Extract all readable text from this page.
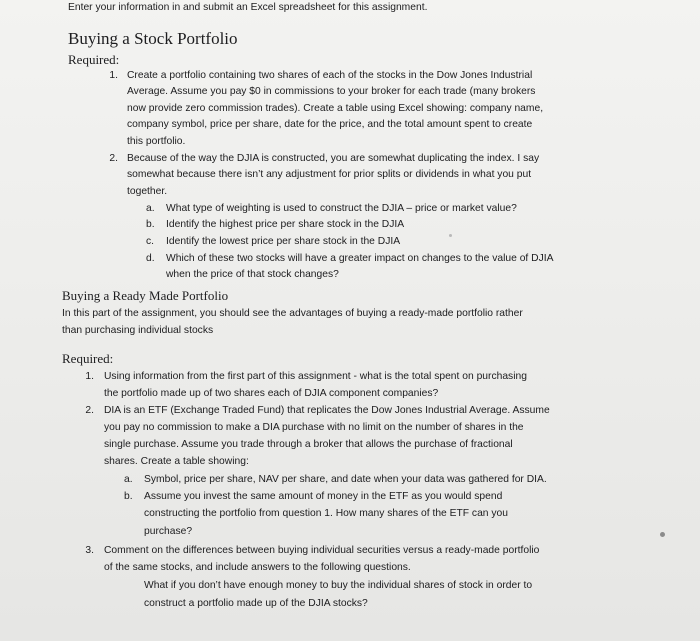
Enter your information in and submit an Excel spreadsheet for this assignment.

Buying a Stock Portfolio

Required:

1. Create a portfolio containing two shares of each of the stocks in the Dow Jones Industrial
Average. Assume you pay $0 in commissions to your broker for each trade (many brokers
now provide zero commission trades). Create a table using Excel showing: company name,
company symbol, price per share, date for the price, and the total amount spent to create
this portfolio.
2. Because of the way the DJIA is constructed, you are somewhat duplicating the index. I say
somewhat because there isn’t any adjustment for prior splits or dividends in what you put
together.
a. What type of weighting is used to construct the DJIA – price or market value?
b. Identify the highest price per share stock in the DJIA
c. Identify the lowest price per share stock in the DJIA
d. Which of these two stocks will have a greater impact on changes to the value of DJIA
when the price of that stock changes?

Buying a Ready Made Portfolio

In this part of the assignment, you should see the advantages of buying a ready-made portfolio rather
than purchasing individual stocks

Required:

1. Using information from the first part of this assignment - what is the total spent on purchasing
the portfolio made up of two shares each of DJIA component companies?
2. DIA is an ETF (Exchange Traded Fund) that replicates the Dow Jones Industrial Average. Assume
you pay no commission to make a DIA purchase with no limit on the number of shares in the
single purchase. Assume you trade through a broker that allows the purchase of fractional
shares. Create a table showing:
a. Symbol, price per share, NAV per share, and date when your data was gathered for DIA.
b. Assume you invest the same amount of money in the ETF as you would spend
constructing the portfolio from question 1. How many shares of the ETF can you
purchase?
3. Comment on the differences between buying individual securities versus a ready-made portfolio
of the same stocks, and include answers to the following questions.
What if you don’t have enough money to buy the individual shares of stock in order to
construct a portfolio made up of the DJIA stocks?
